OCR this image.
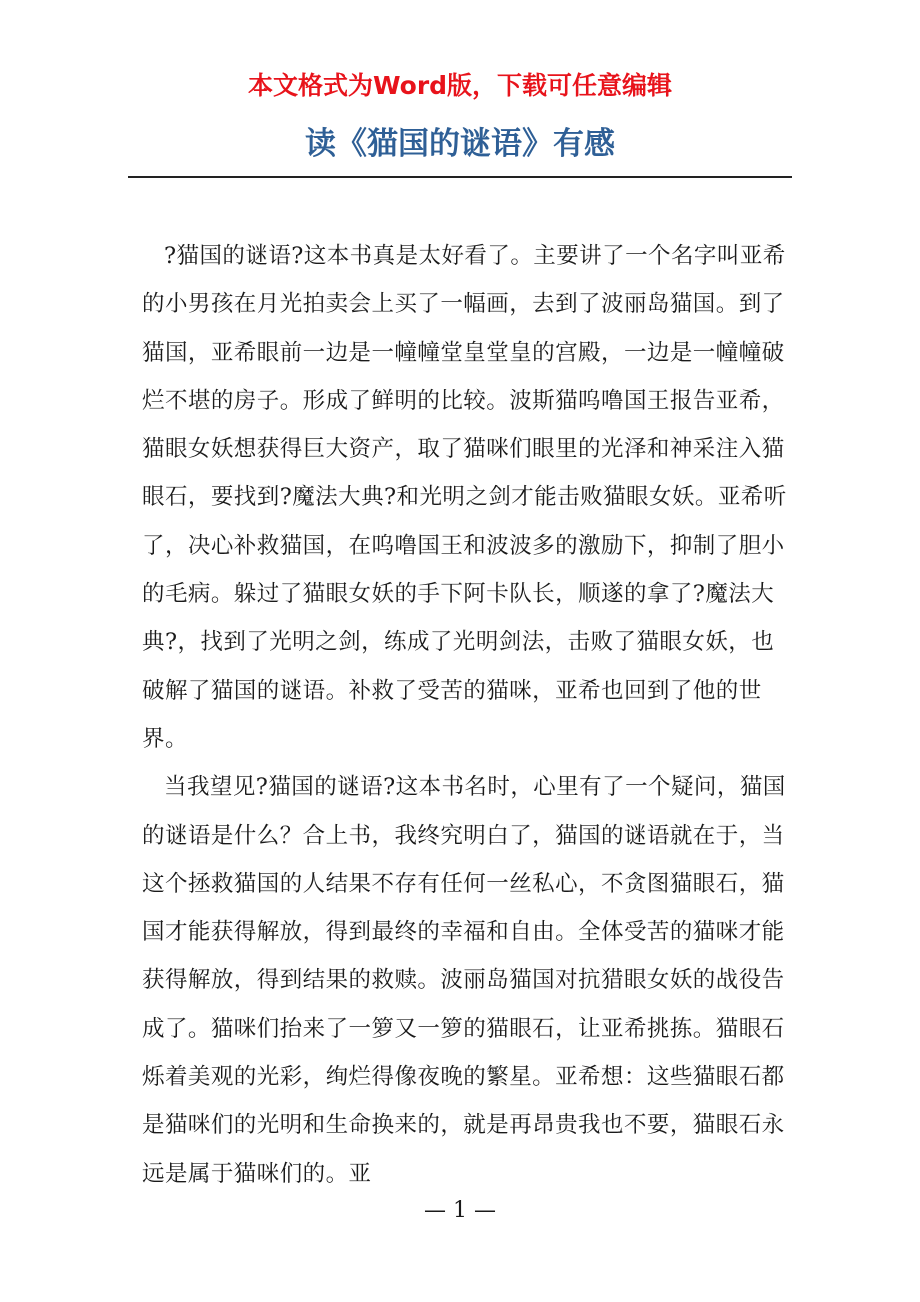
本文格式为Word版，下载可任意编辑
读《猫国的谜语》有感

?猫国的谜语?这本书真是太好看了。主要讲了一个名字叫亚希的小男孩在月光拍卖会上买了一幅画，去到了波丽岛猫国。到了猫国，亚希眼前一边是一幢幢堂皇堂皇的宫殿，一边是一幢幢破烂不堪的房子。形成了鲜明的比较。波斯猫呜噜国王报告亚希，猫眼女妖想获得巨大资产，取了猫咪们眼里的光泽和神采注入猫眼石，要找到?魔法大典?和光明之剑才能击败猫眼女妖。亚希听了，决心补救猫国，在呜噜国王和波波多的激励下，抑制了胆小的毛病。躲过了猫眼女妖的手下阿卡队长，顺遂的拿了?魔法大典?，找到了光明之剑，练成了光明剑法，击败了猫眼女妖，也破解了猫国的谜语。补救了受苦的猫咪，亚希也回到了他的世界。

当我望见?猫国的谜语?这本书名时，心里有了一个疑问，猫国的谜语是什么？合上书，我终究明白了，猫国的谜语就在于，当这个拯救猫国的人结果不存有任何一丝私心，不贪图猫眼石，猫国才能获得解放，得到最终的幸福和自由。全体受苦的猫咪才能获得解放，得到结果的救赎。波丽岛猫国对抗猎眼女妖的战役告成了。猫咪们抬来了一箩又一箩的猫眼石，让亚希挑拣。猫眼石烁着美观的光彩，绚烂得像夜晚的繁星。亚希想：这些猫眼石都是猫咪们的光明和生命换来的，就是再昂贵我也不要，猫眼石永远是属于猫咪们的。亚

— 1 —
